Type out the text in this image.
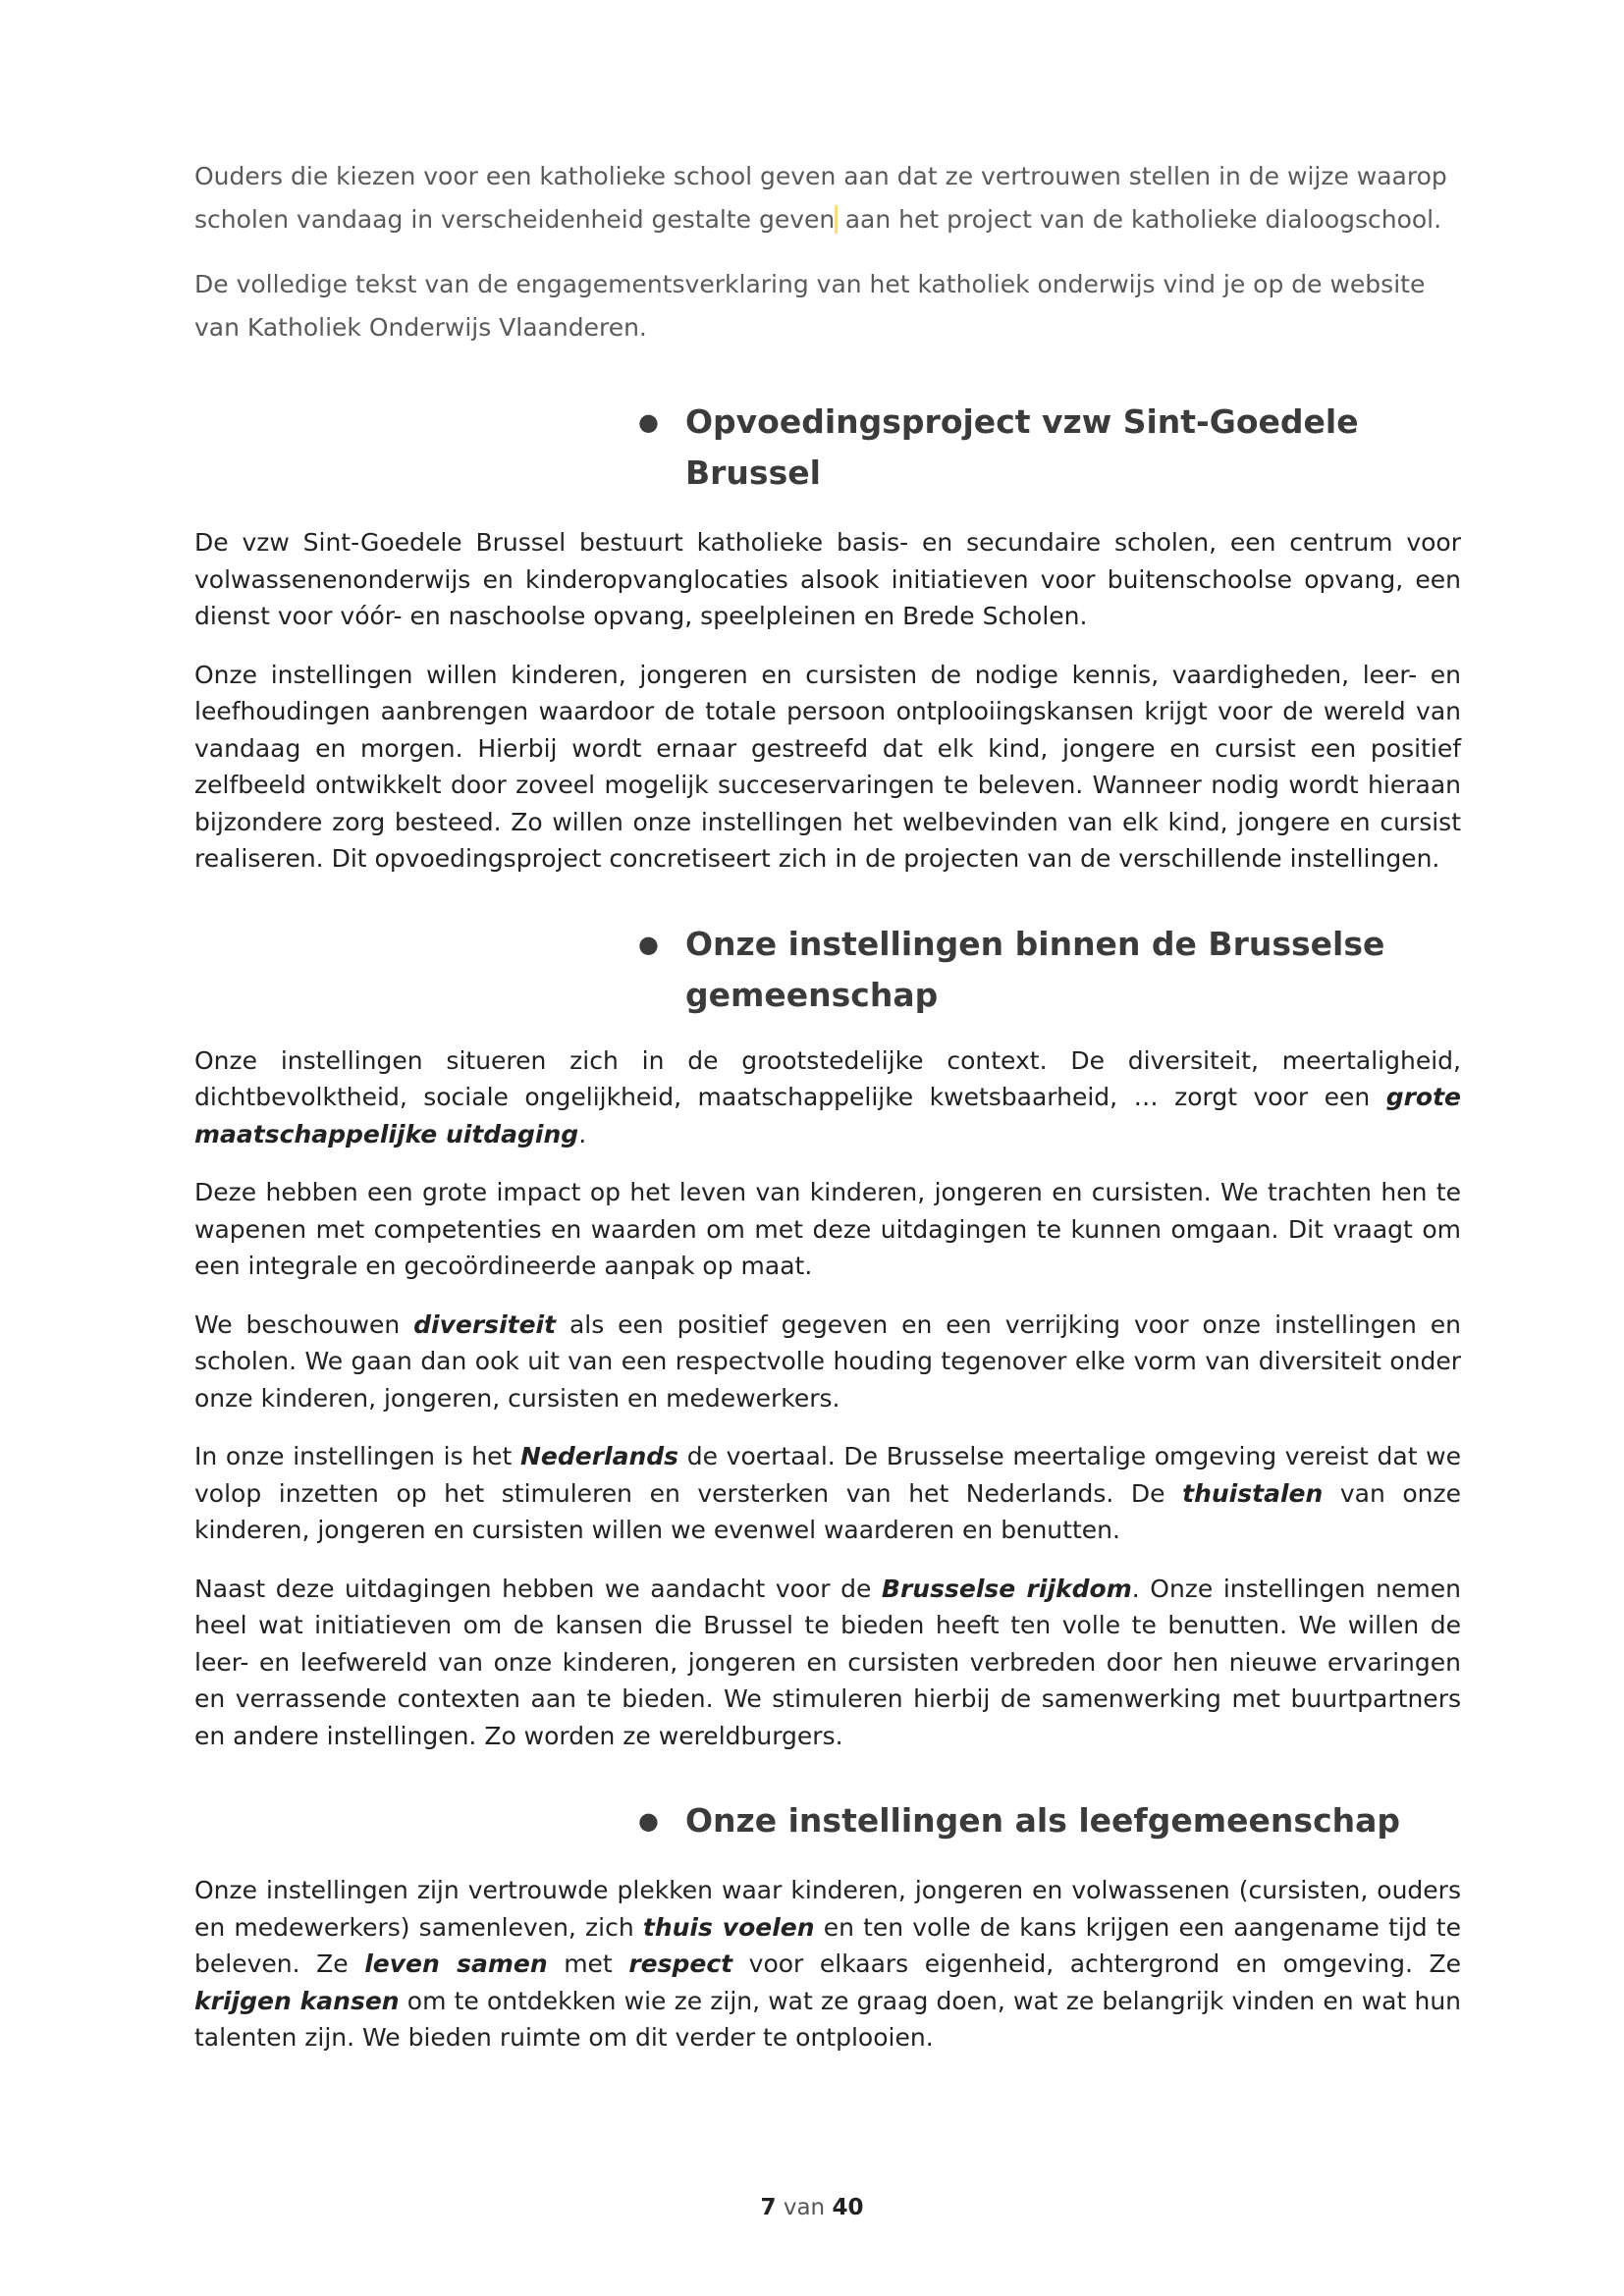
Ouders die kiezen voor een katholieke school geven aan dat ze vertrouwen stellen in de wijze waarop scholen vandaag in verscheidenheid gestalte geven  aan het project van de katholieke dialoogschool.

De volledige tekst van de engagementsverklaring van het katholiek onderwijs vind je op de website van Katholiek Onderwijs Vlaanderen.

● Opvoedingsproject vzw Sint-Goedele Brussel

De vzw Sint-Goedele Brussel bestuurt katholieke basis- en secundaire scholen, een centrum voor volwassenenonderwijs en kinderopvanglocaties alsook initiatieven voor buitenschoolse opvang, een dienst voor vóór- en naschoolse opvang, speelpleinen en Brede Scholen.

Onze instellingen willen kinderen, jongeren en cursisten de nodige kennis, vaardigheden, leer- en leefhoudingen aanbrengen waardoor de totale persoon ontplooiingskansen krijgt voor de wereld van vandaag en morgen. Hierbij wordt ernaar gestreefd dat elk kind, jongere en cursist een positief zelfbeeld ontwikkelt door zoveel mogelijk succeservaringen te beleven. Wanneer nodig wordt hieraan bijzondere zorg besteed. Zo willen onze instellingen het welbevinden van elk kind, jongere en cursist realiseren. Dit opvoedingsproject concretiseert zich in de projecten van de verschillende instellingen.

● Onze instellingen binnen de Brusselse gemeenschap

Onze instellingen situeren zich in de grootstedelijke context. De diversiteit, meertaligheid, dichtbevolktheid, sociale ongelijkheid, maatschappelijke kwetsbaarheid, … zorgt voor een grote maatschappelijke uitdaging.

Deze hebben een grote impact op het leven van kinderen, jongeren en cursisten. We trachten hen te wapenen met competenties en waarden om met deze uitdagingen te kunnen omgaan. Dit vraagt om een integrale en gecoördineerde aanpak op maat.

We beschouwen diversiteit als een positief gegeven en een verrijking voor onze instellingen en scholen. We gaan dan ook uit van een respectvolle houding tegenover elke vorm van diversiteit onder onze kinderen, jongeren, cursisten en medewerkers.

In onze instellingen is het Nederlands de voertaal. De Brusselse meertalige omgeving vereist dat we volop inzetten op het stimuleren en versterken van het Nederlands. De thuistalen van onze kinderen, jongeren en cursisten willen we evenwel waarderen en benutten.

Naast deze uitdagingen hebben we aandacht voor de Brusselse rijkdom. Onze instellingen nemen heel wat initiatieven om de kansen die Brussel te bieden heeft ten volle te benutten. We willen de leer- en leefwereld van onze kinderen, jongeren en cursisten verbreden door hen nieuwe ervaringen en verrassende contexten aan te bieden. We stimuleren hierbij de samenwerking met buurtpartners en andere instellingen. Zo worden ze wereldburgers.

● Onze instellingen als leefgemeenschap

Onze instellingen zijn vertrouwde plekken waar kinderen, jongeren en volwassenen (cursisten, ouders en medewerkers) samenleven, zich thuis voelen en ten volle de kans krijgen een aangename tijd te beleven. Ze leven samen met respect voor elkaars eigenheid, achtergrond en omgeving. Ze krijgen kansen om te ontdekken wie ze zijn, wat ze graag doen, wat ze belangrijk vinden en wat hun talenten zijn. We bieden ruimte om dit verder te ontplooien.

7 van 40
